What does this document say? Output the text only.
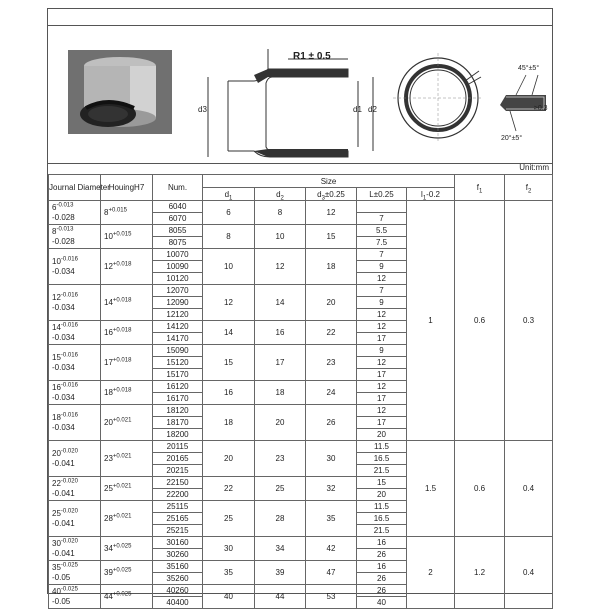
R1 ± 0.5
d3	d1 d2
45°±5°
20°±5°
≥0.3
Unit:mm
Journal Diameter	HouingH7	Num.	Size					$f_1$	$f_2$
			$d_1$	$d_2$	$d_3\pm 0.25$	L±0.25	$l_1-0.2$		
$6^{-0.013}$
-0.028	$8^{+0.015}$	6040	6	8	12		1	0.6	0.3
		6070				7			
$8^{-0.013}$
-0.028	$10^{+0.015}$	8055	8	10	15	5.5			
		8075				7.5			
$10^{-0.016}$
-0.034	$12^{+0.018}$	10070	10	12	18	7			
		10090				9			
		10120				12			
$12^{-0.016}$
-0.034	$14^{+0.018}$	12070	12	14	20	7			
		12090				9			
		12120				12			
$14^{-0.016}$
-0.034	$16^{+0.018}$	14120	14	16	22	12			
		14170				17			
$15^{-0.016}$
-0.034	$17^{+0.018}$	15090	15	17	23	9			
		15120				12			
		15170				17			
$16^{-0.016}$
-0.034	$18^{+0.018}$	16120	16	18	24	12			
		16170				17			
$18^{-0.016}$
-0.034	$20^{+0.021}$	18120	18	20	26	12			
		18170				17			
		18200				20			
$20^{-0.020}$
-0.041	$23^{+0.021}$	20115	20	23	30	11.5	1.5	0.6	0.4
		20165				16.5			
		20215				21.5			
$22^{-0.020}$
-0.041	$25^{+0.021}$	22150	22	25	32	15			
		22200				20			
$25^{-0.020}$
-0.041	$28^{+0.021}$	25115	25	28	35	11.5			
		25165				16.5			
		25215				21.5			
$30^{-0.020}$
-0.041	$34^{+0.025}$	30160	30	34	42	16	2	1.2	0.4
		30260				26			
$35^{-0.025}$
-0.05	$39^{+0.025}$	35160	35	39	47	16			
		35260				26			
$40^{-0.025}$
-0.05	$44^{+0.025}$	40260	40	44	53	26			
		40400				40			
